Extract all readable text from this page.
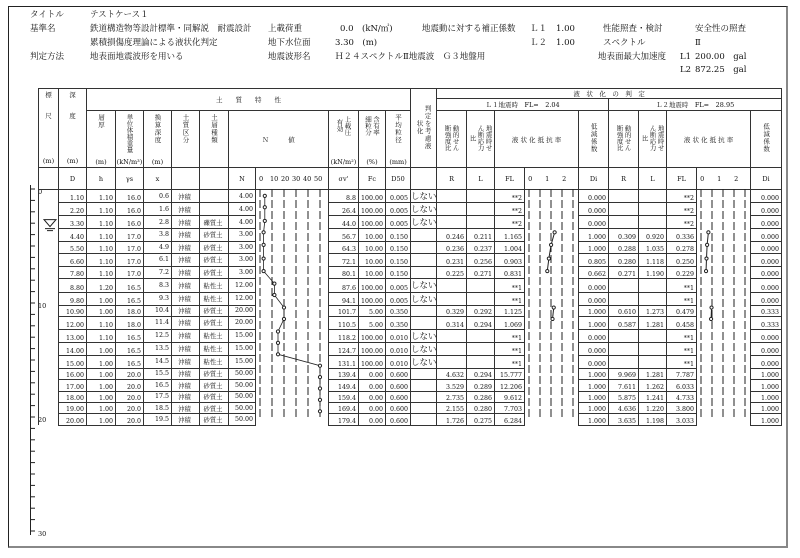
タイトル	テストケース１
基準名	鉄道構造物等設計標準・同解説　耐震設計
累積損傷度理論による液状化判定
判定方法	地表面地震波形を用いる
上載荷重	0.0　(kN/㎡)
地下水位面	3.30　(m)
地震波形名	Ｈ２４スペクトルⅡ地震波　Ｇ３地盤用
地震動に対する補正係数 Ｌ１ 1.00
Ｌ２ 1.00
性能照査・検討	安全性の照査
スペクトル	Ⅱ
地表面最大加速度 L1 200.00　gal
L2 872.25　gal
0
10
20
30
標

尺
(m)	深

度
(m)	土　　質　　特　　性										判定を考慮液状化	液　状　化　の　判　定									
													Ｌ１地震時　FL=　2.04					Ｌ２地震時　FL=　28.95				

		層厚
(m)	単位体積重量
(kN/m³)	換算深度
(m)	土質区分	土層種類	Ｎ　　　値		上載圧有効
(kN/m²)	含有率細粒分
(%)	平均粒径
(mm)		動的せん断強度比	地震時せん断応力比	液 状 化 抵 抗 率		低減係数	動的せん断強度比	地震時せん断応力比	液 状 化 抵 抗 率		低減係数
	D	h	γs	x			N	0 10 20 30 40 50	σv'	Fc	D50		R	L	FL	0 1 2	Di	R	L	FL	0 1 2	Di
	1.10	1.10	16.0	0.6	沖積		4.00		8.8	100.00	0.005	しない			**2		0.000			**2		0.000
	2.20	1.10	16.0	1.6	沖積		4.00		26.4	100.00	0.005	しない			**2		0.000			**2		0.000
	3.30	1.10	16.0	2.8	沖積	礫質土	4.00		44.0	100.00	0.005	しない			**2		0.000			**2		0.000
	4.40	1.10	17.0	3.8	沖積	砂質土	3.00		56.7	10.00	0.150		0.246	0.211	1.165		1.000	0.309	0.920	0.336		0.000
	5.50	1.10	17.0	4.9	沖積	砂質土	3.00		64.3	10.00	0.150		0.236	0.237	1.004		1.000	0.288	1.035	0.278		0.000
	6.60	1.10	17.0	6.1	沖積	砂質土	3.00		72.1	10.00	0.150		0.231	0.256	0.903		0.805	0.280	1.118	0.250		0.000
	7.80	1.10	17.0	7.2	沖積	砂質土	3.00		80.1	10.00	0.150		0.225	0.271	0.831		0.662	0.271	1.190	0.229		0.000
	8.80	1.20	16.5	8.3	沖積	粘性土	12.00		87.6	100.00	0.005	しない			**1		0.000			**1		0.000
	9.80	1.00	16.5	9.3	沖積	粘性土	12.00		94.1	100.00	0.005	しない			**1		0.000			**1		0.000
	10.90	1.00	18.0	10.4	沖積	砂質土	20.00		101.7	5.00	0.350		0.329	0.292	1.125		1.000	0.610	1.273	0.479		0.333
	12.00	1.10	18.0	11.4	沖積	砂質土	20.00		110.5	5.00	0.350		0.314	0.294	1.069		1.000	0.587	1.281	0.458		0.333
	13.00	1.10	16.5	12.5	沖積	粘性土	15.00		118.2	100.00	0.010	しない			**1		0.000			**1		0.000
	14.00	1.00	16.5	13.5	沖積	粘性土	15.00		124.7	100.00	0.010	しない			**1		0.000			**1		0.000
	15.00	1.00	16.5	14.5	沖積	粘性土	15.00		131.1	100.00	0.010	しない			**1		0.000			**1		0.000
	16.00	1.00	20.0	15.5	沖積	砂質土	50.00		139.4	0.00	0.600		4.632	0.294	15.777		1.000	9.969	1.281	7.787		1.000
	17.00	1.00	20.0	16.5	沖積	砂質土	50.00		149.4	0.00	0.600		3.529	0.289	12.206		1.000	7.611	1.262	6.033		1.000
	18.00	1.00	20.0	17.5	沖積	砂質土	50.00		159.4	0.00	0.600		2.735	0.286	9.612		1.000	5.875	1.241	4.733		1.000
	19.00	1.00	20.0	18.5	沖積	砂質土	50.00		169.4	0.00	0.600		2.155	0.280	7.703		1.000	4.636	1.220	3.800		1.000
	20.00	1.00	20.0	19.5	沖積	砂質土	50.00		179.4	0.00	0.600		1.726	0.275	6.284		1.000	3.635	1.198	3.033		1.000
